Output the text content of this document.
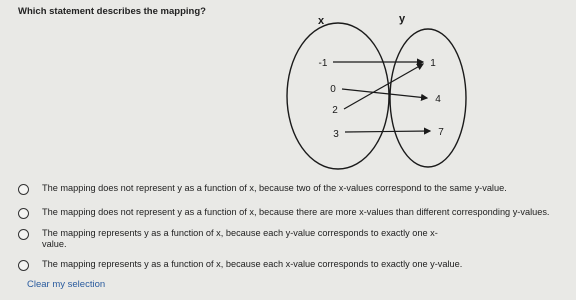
Which statement describes the mapping?
x	y
-1
0
2
3
1
4
7
The mapping does not represent y as a function of x, because two of the x-values correspond to the same y-value.
The mapping does not represent y as a function of x, because there are more x-values than different corresponding y-values.
The mapping represents y as a function of x, because each y-value corresponds to exactly one x-value.
The mapping represents y as a function of x, because each x-value corresponds to exactly one y-value.
Clear my selection
